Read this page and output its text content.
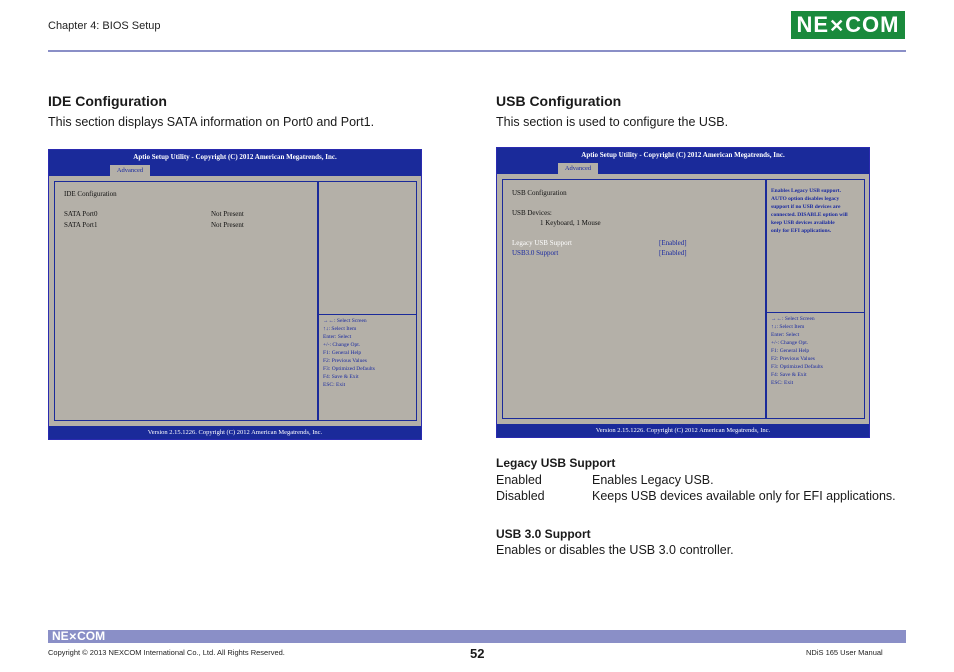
Chapter 4: BIOS Setup	NE✕COM
IDE Configuration
This section displays SATA information on Port0 and Port1.
Aptio Setup Utility - Copyright (C) 2012 American Megatrends, Inc.
Advanced
IDE Configuration
SATA Port0	Not Present
SATA Port1	Not Present
→←: Select Screen
↑↓: Select Item
Enter: Select
+/-: Change Opt.
F1: General Help
F2: Previous Values
F3: Optimized Defaults
F4: Save & Exit
ESC: Exit
Version 2.15.1226. Copyright (C) 2012 American Megatrends, Inc.
USB Configuration
This section is used to configure the USB.
Aptio Setup Utility - Copyright (C) 2012 American Megatrends, Inc.
Advanced
USB Configuration
USB Devices:
1 Keyboard, 1 Mouse
Legacy USB Support	[Enabled]
USB3.0 Support	[Enabled]
Enables Legacy USB support.
AUTO option disables legacy
support if no USB devices are
connected. DISABLE option will
keep USB devices available
only for EFI applications.
→←: Select Screen
↑↓: Select Item
Enter: Select
+/-: Change Opt.
F1: General Help
F2: Previous Values
F3: Optimized Defaults
F4: Save & Exit
ESC: Exit
Version 2.15.1226. Copyright (C) 2012 American Megatrends, Inc.
Legacy USB Support
Enabled	Enables Legacy USB.
Disabled	Keeps USB devices available only for EFI applications.
USB 3.0 Support
Enables or disables the USB 3.0 controller.
NE✕COM
Copyright © 2013 NEXCOM International Co., Ltd. All Rights Reserved.	52	NDiS 165 User Manual
